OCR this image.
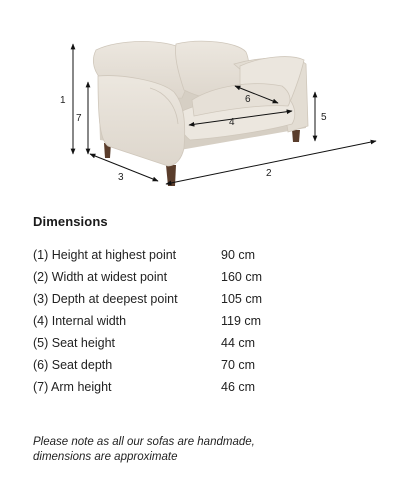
1
2
3
4	5
6
7
Dimensions
(1) Height at highest point	90 cm
(2) Width at widest point	160 cm
(3) Depth at deepest point	105 cm
(4) Internal width	119 cm
(5) Seat height	44 cm
(6) Seat depth	70 cm
(7) Arm height	46 cm

Please note as all our sofas are handmade,

dimensions are approximate
